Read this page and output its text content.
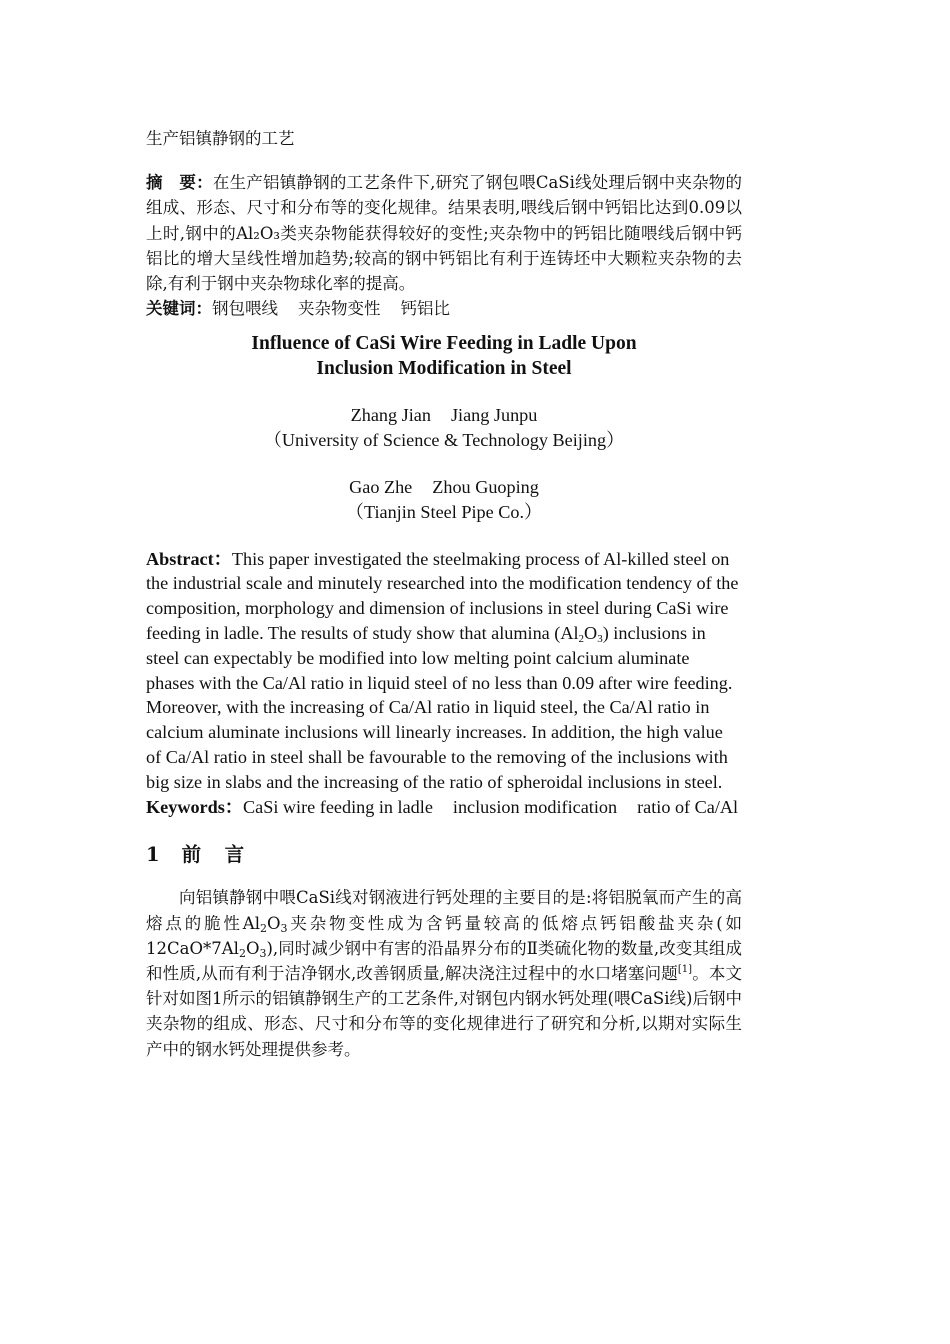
生产铝镇静钢的工艺

摘　要：在生产铝镇静钢的工艺条件下,研究了钢包喂CaSi线处理后钢中夹杂物的组成、形态、尺寸和分布等的变化规律。结果表明,喂线后钢中钙铝比达到0.09以上时,钢中的Al₂O₃类夹杂物能获得较好的变性;夹杂物中的钙铝比随喂线后钢中钙铝比的增大呈线性增加趋势;较高的钢中钙铝比有利于连铸坯中大颗粒夹杂物的去除,有利于钢中夹杂物球化率的提高。

关键词：钢包喂线 夹杂物变性 钙铝比

Influence of CaSi Wire Feeding in Ladle Upon
Inclusion Modification in Steel

Zhang Jian Jiang Junpu

（University of Science & Technology Beijing）

Gao Zhe Zhou Guoping

（Tianjin Steel Pipe Co.）

Abstract：This paper investigated the steelmaking process of Al-killed steel on the industrial scale and minutely researched into the modification tendency of the composition, morphology and dimension of inclusions in steel during CaSi wire feeding in ladle. The results of study show that alumina $(Al_2O_3)$ inclusions in steel can expectably be modified into low melting point calcium aluminate phases with the Ca/Al ratio in liquid steel of no less than 0.09 after wire feeding. Moreover, with the increasing of Ca/Al ratio in liquid steel, the Ca/Al ratio in calcium aluminate inclusions will linearly increases. In addition, the high value of Ca/Al ratio in steel shall be favourable to the removing of the inclusions with big size in slabs and the increasing of the ratio of spheroidal inclusions in steel.

Keywords：CaSi wire feeding in ladle inclusion modification ratio of Ca/Al

1 前　言

向铝镇静钢中喂CaSi线对钢液进行钙处理的主要目的是:将铝脱氧而产生的高熔点的脆性$Al_2O_3$夹杂物变性成为含钙量较高的低熔点钙铝酸盐夹杂(如$12CaO*7Al_2O_3$),同时减少钢中有害的沿晶界分布的Ⅱ类硫化物的数量,改变其组成和性质,从而有利于洁净钢水,改善钢质量,解决浇注过程中的水口堵塞问题[1]。本文针对如图1所示的铝镇静钢生产的工艺条件,对钢包内钢水钙处理(喂CaSi线)后钢中夹杂物的组成、形态、尺寸和分布等的变化规律进行了研究和分析,以期对实际生产中的钢水钙处理提供参考。
